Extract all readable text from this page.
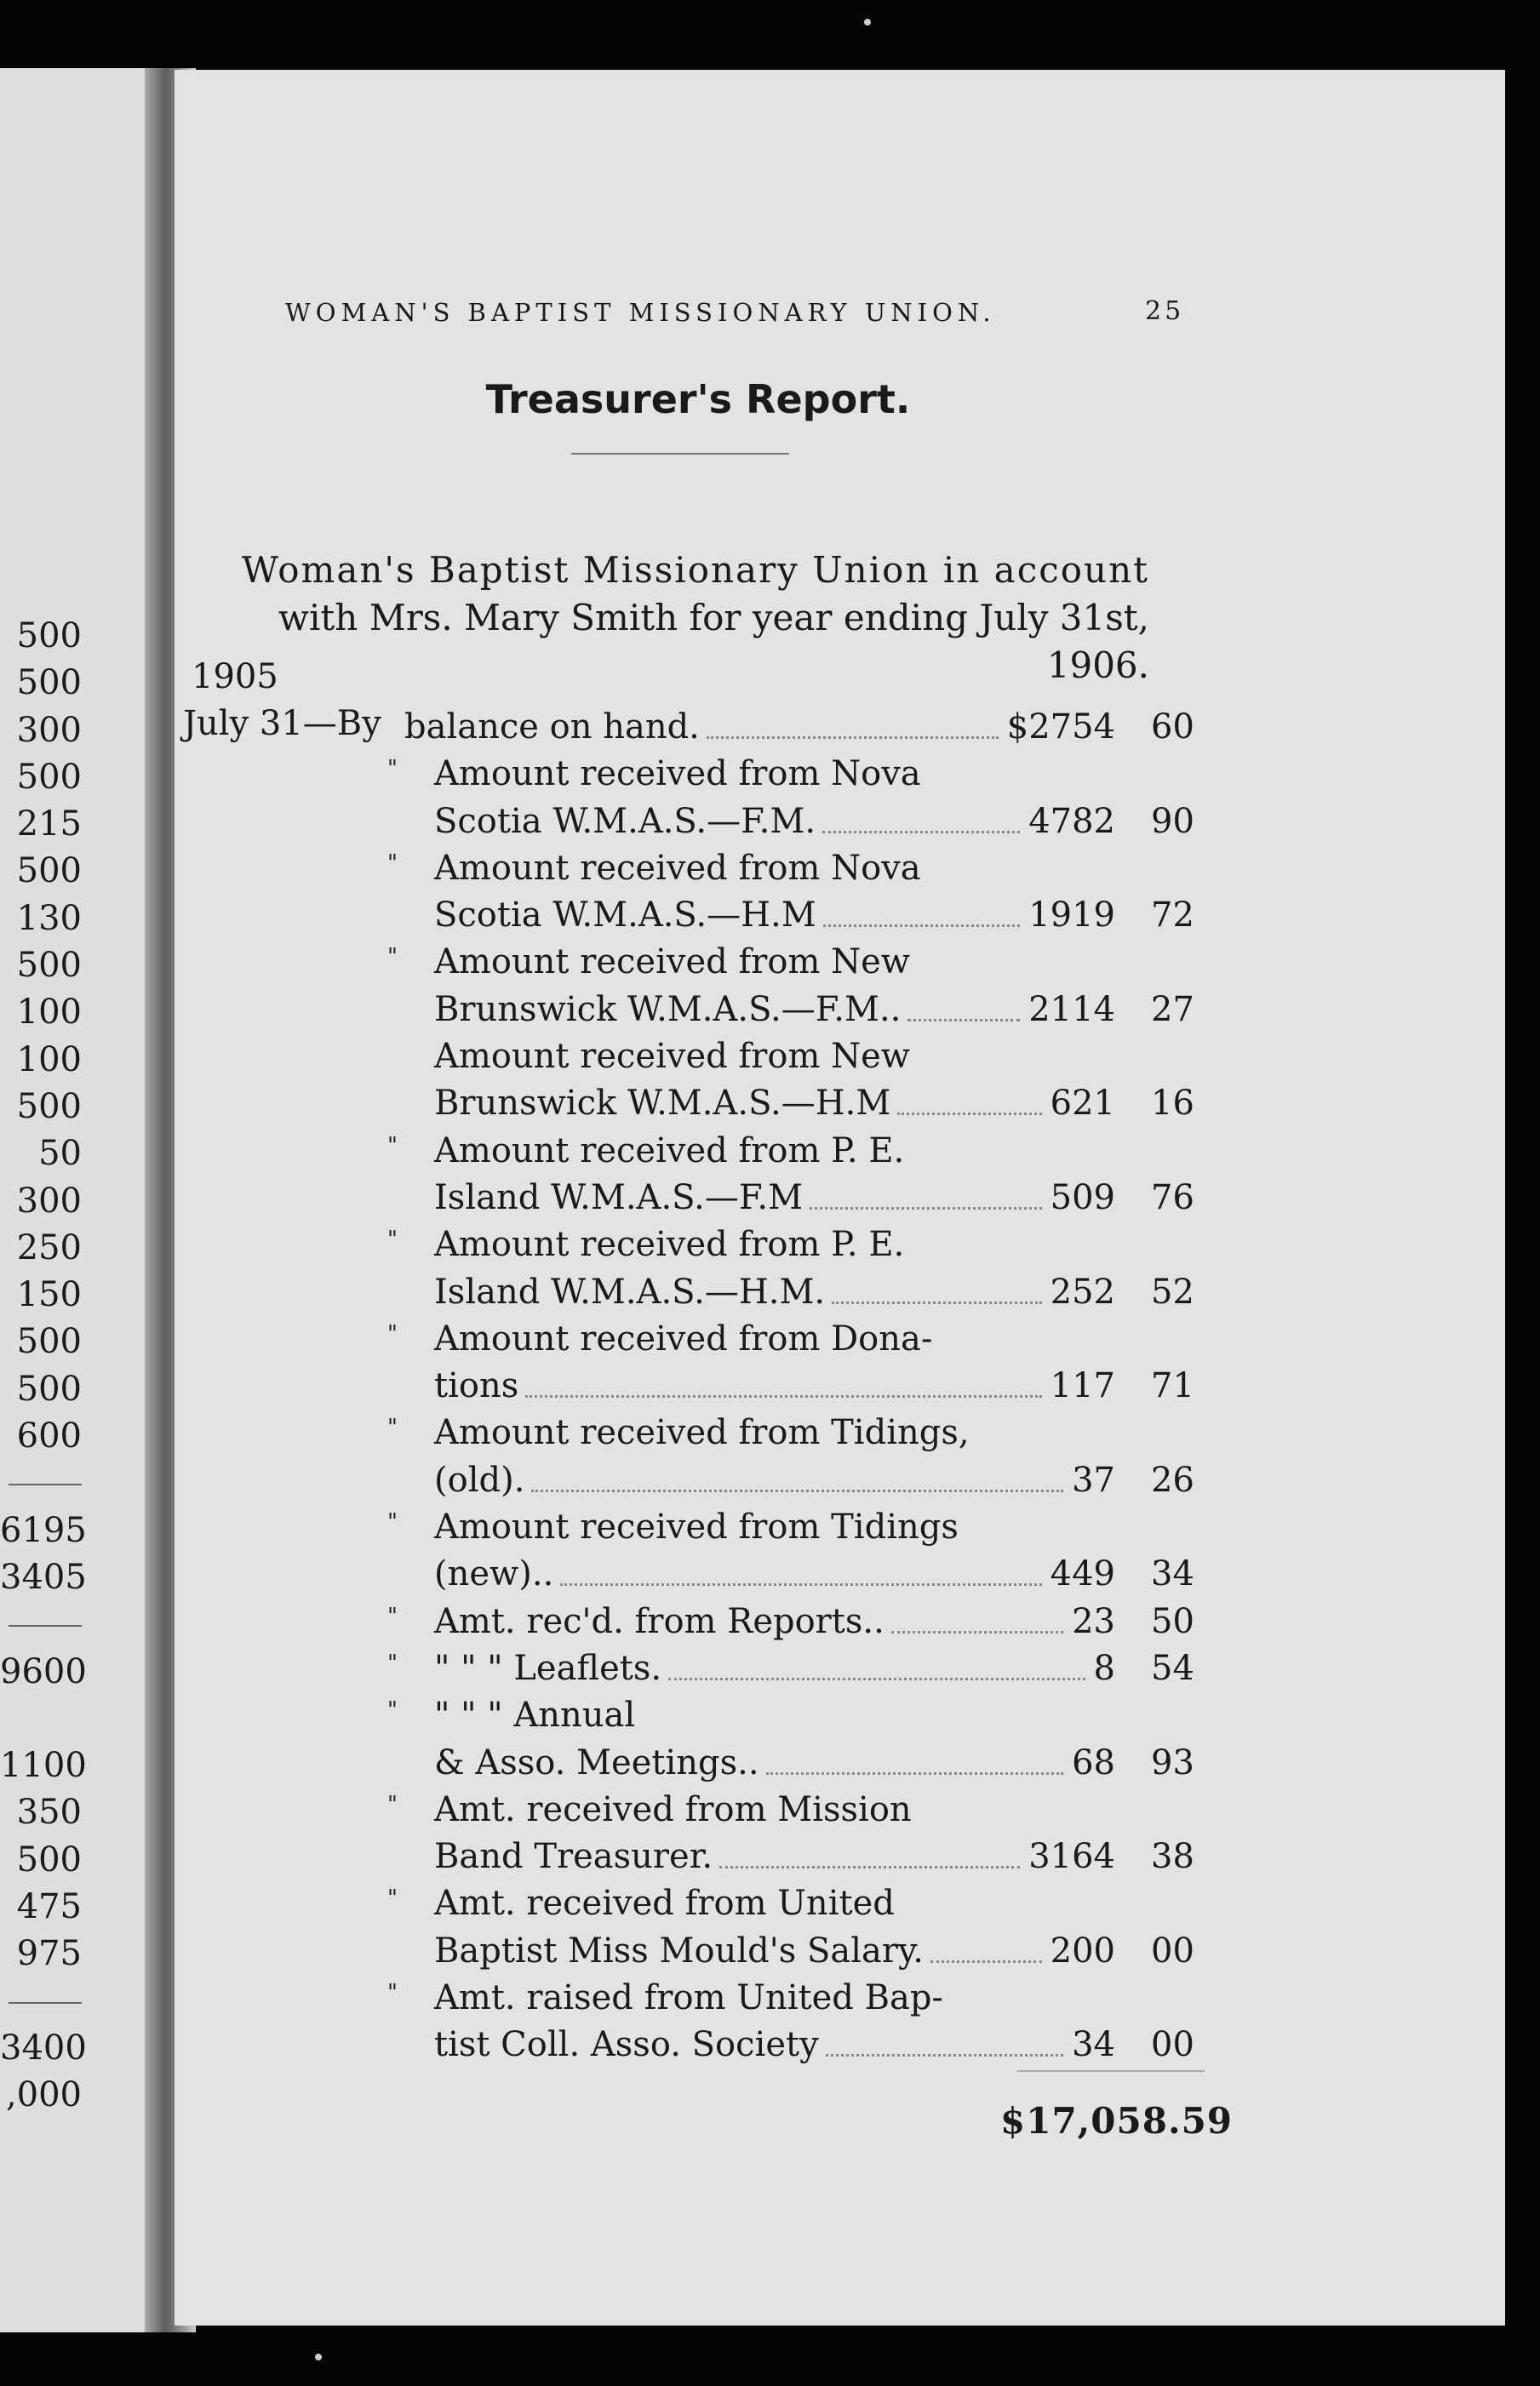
500
500
300
500
215
500
130
500
100
100
500
50
300
250
150
500
500
600
6195
3405
9600
1100
350
500
475
975
3400
,000
WOMAN'S BAPTIST MISSIONARY UNION.	25
Treasurer's Report.
Woman's Baptist Missionary Union in account
with Mrs. Mary Smith for year ending July 31st, 1906.
1905
July 31—By balance on hand.	$2754 60
" Amount received from Nova
Scotia W.M.A.S.—F.M.	4782 90
" Amount received from Nova
Scotia W.M.A.S.—H.M	1919 72
" Amount received from New
Brunswick W.M.A.S.—F.M..	2114 27
Amount received from New
Brunswick W.M.A.S.—H.M	621 16
" Amount received from P. E.
Island W.M.A.S.—F.M	509 76
" Amount received from P. E.
Island W.M.A.S.—H.M.	252 52
" Amount received from Dona-
tions	117 71
" Amount received from Tidings,
(old).	37 26
" Amount received from Tidings
(new)..	449 34
" Amt. rec'd. from Reports..	23 50
" " " " Leaflets.	8 54
" " " " Annual
& Asso. Meetings..	68 93
" Amt. received from Mission
Band Treasurer.	3164 38
" Amt. received from United
Baptist Miss Mould's Salary.	200 00
" Amt. raised from United Bap-
tist Coll. Asso. Society	34 00
$17,058.59
